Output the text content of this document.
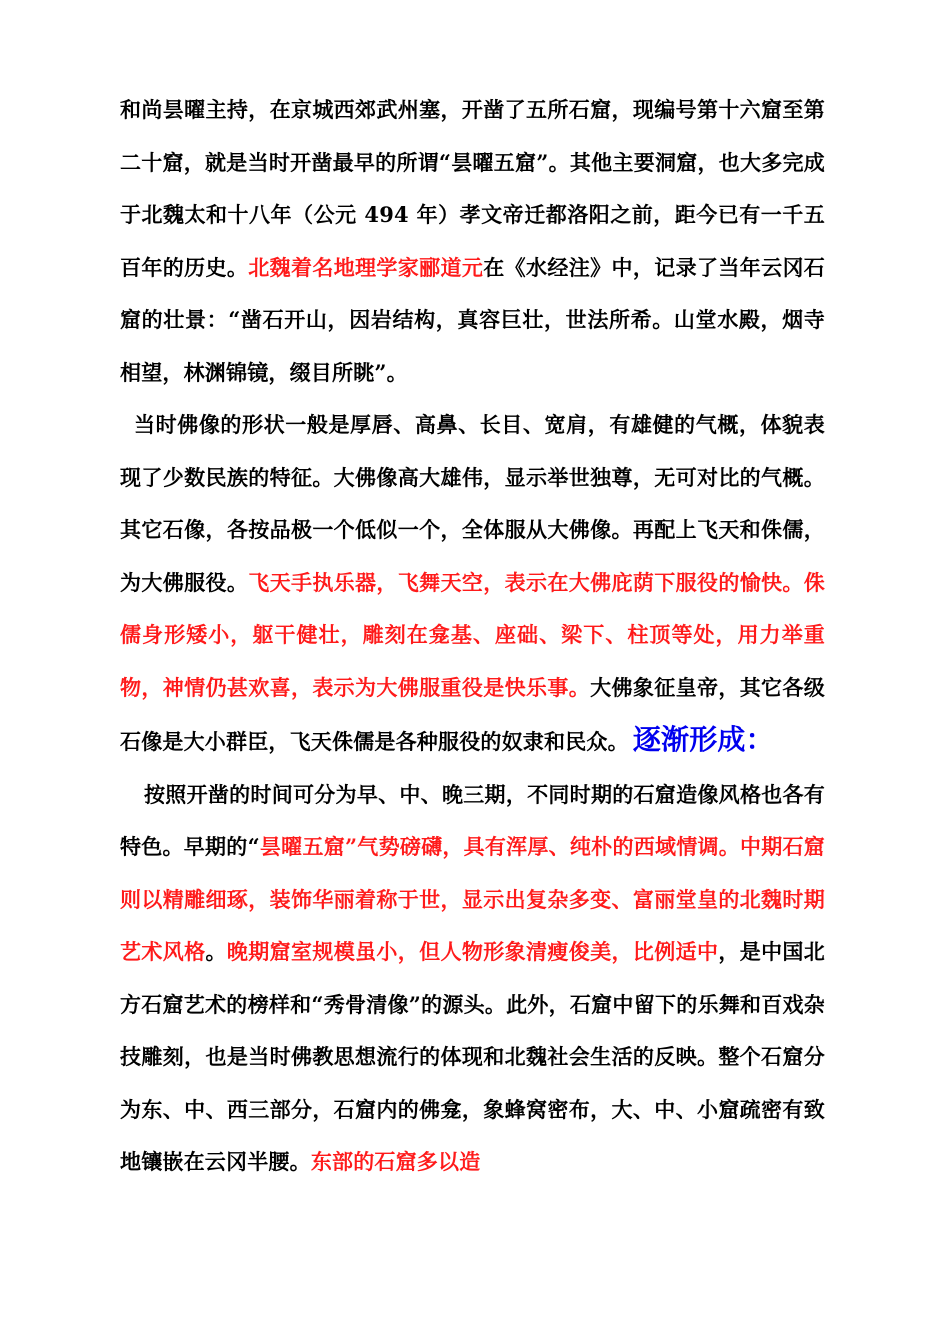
和尚昙曜主持，在京城西郊武州塞，开凿了五所石窟，现编号第十六窟至第二十窟，就是当时开凿最早的所谓“昙曜五窟”。其他主要洞窟，也大多完成于北魏太和十八年（公元 494 年）孝文帝迁都洛阳之前，距今已有一千五百年的历史。北魏着名地理学家郦道元在《水经注》中，记录了当年云冈石窟的壮景：“凿石开山，因岩结构，真容巨壮，世法所希。山堂水殿，烟寺相望，林渊锦镜，缀目所眺”。

当时佛像的形状一般是厚唇、高鼻、长目、宽肩，有雄健的气概，体貌表现了少数民族的特征。大佛像高大雄伟，显示举世独尊，无可对比的气概。其它石像，各按品极一个低似一个，全体服从大佛像。再配上飞天和侏儒，为大佛服役。飞天手执乐器，飞舞天空，表示在大佛庇荫下服役的愉快。侏儒身形矮小，躯干健壮，雕刻在龛基、座础、梁下、柱顶等处，用力举重物，神情仍甚欢喜，表示为大佛服重役是快乐事。大佛象征皇帝，其它各级石像是大小群臣，飞天侏儒是各种服役的奴隶和民众。 逐渐形成：

按照开凿的时间可分为早、中、晚三期，不同时期的石窟造像风格也各有特色。早期的“昙曜五窟”气势磅礴，具有浑厚、纯朴的西域情调。中期石窟则以精雕细琢，装饰华丽着称于世，显示出复杂多变、富丽堂皇的北魏时期艺术风格。晚期窟室规模虽小，但人物形象清瘦俊美，比例适中，是中国北方石窟艺术的榜样和“秀骨清像”的源头。此外，石窟中留下的乐舞和百戏杂技雕刻，也是当时佛教思想流行的体现和北魏社会生活的反映。整个石窟分为东、中、西三部分，石窟内的佛龛，象蜂窝密布，大、中、小窟疏密有致地镶嵌在云冈半腰。东部的石窟多以造
